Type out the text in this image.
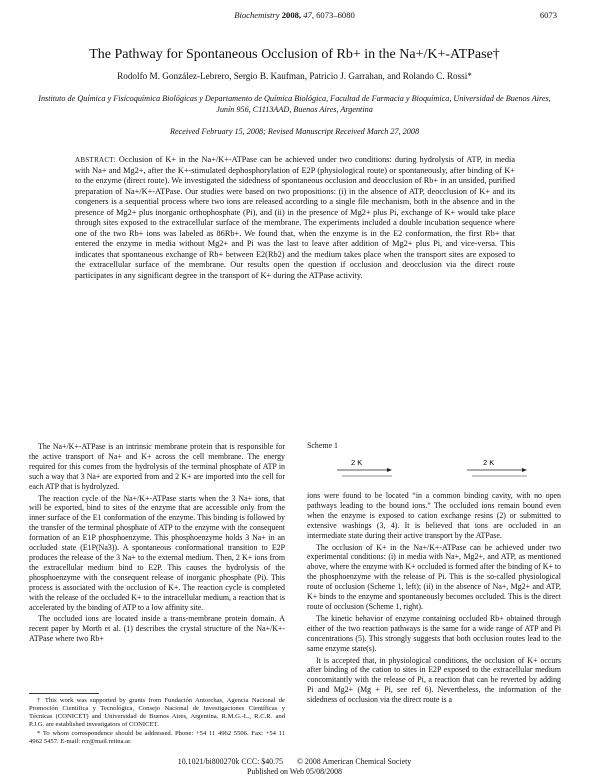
Biochemistry 2008, 47, 6073–6080	6073
The Pathway for Spontaneous Occlusion of Rb+ in the Na+/K+-ATPase†
Rodolfo M. González-Lebrero, Sergio B. Kaufman, Patricio J. Garrahan, and Rolando C. Rossi*
Instituto de Química y Fisicoquímica Biológicas y Departamento de Química Biológica, Facultad de Farmacia y Bioquímica, Universidad de Buenos Aires, Junín 956, C1113AAD, Buenos Aires, Argentina
Received February 15, 2008; Revised Manuscript Received March 27, 2008
ABSTRACT: Occlusion of K+ in the Na+/K+-ATPase can be achieved under two conditions: during hydrolysis of ATP, in media with Na+ and Mg2+, after the K+-stimulated dephosphorylation of E2P (physiological route) or spontaneously, after binding of K+ to the enzyme (direct route). We investigated the sidedness of spontaneous occlusion and deocclusion of Rb+ in an unsided, purified preparation of Na+/K+-ATPase. Our studies were based on two propositions: (i) in the absence of ATP, deocclusion of K+ and its congeners is a sequential process where two ions are released according to a single file mechanism, both in the absence and in the presence of Mg2+ plus inorganic orthophosphate (Pi), and (ii) in the presence of Mg2+ plus Pi, exchange of K+ would take place through sites exposed to the extracellular surface of the membrane. The experiments included a double incubation sequence where one of the two Rb+ ions was labeled as 86Rb+. We found that, when the enzyme is in the E2 conformation, the first Rb+ that entered the enzyme in media without Mg2+ and Pi was the last to leave after addition of Mg2+ plus Pi, and vice-versa. This indicates that spontaneous exchange of Rb+ between E2(Rb2) and the medium takes place when the transport sites are exposed to the extracellular surface of the membrane. Our results open the question if occlusion and deocclusion via the direct route participates in any significant degree in the transport of K+ during the ATPase activity.

The Na+/K+-ATPase is an intrinsic membrane protein that is responsible for the active transport of Na+ and K+ across the cell membrane. The energy required for this comes from the hydrolysis of the terminal phosphate of ATP in such a way that 3 Na+ are exported from and 2 K+ are imported into the cell for each ATP that is hydrolyzed.

The reaction cycle of the Na+/K+-ATPase starts when the 3 Na+ ions, that will be exported, bind to sites of the enzyme that are accessible only from the inner surface of the E1 conformation of the enzyme. This binding is followed by the transfer of the terminal phosphate of ATP to the enzyme with the consequent formation of an E1P phosphoenzyme. This phosphoenzyme holds 3 Na+ in an occluded state (E1P(Na3)). A spontaneous conformational transition to E2P produces the release of the 3 Na+ to the external medium. Then, 2 K+ ions from the extracellular medium bind to E2P. This causes the hydrolysis of the phosphoenzyme with the consequent release of inorganic phosphate (Pi). This process is associated with the occlusion of K+. The reaction cycle is completed with the release of the occluded K+ to the intracellular medium, a reaction that is accelerated by the binding of ATP to a low affinity site.

The occluded ions are located inside a trans-membrane protein domain. A recent paper by Morth et al. (1) describes the crystal structure of the Na+/K+-ATPase where two Rb+

† This work was supported by grants from Fundación Antorchas, Agencia Nacional de Promoción Científica y Tecnológica, Consejo Nacional de Investigaciones Científicas y Técnicas (CONICET) and Universidad de Buenos Aires, Argentina. R.M.G.-L., R.C.R. and P.J.G. are established investigators of CONICET.

* To whom correspondence should be addressed. Phone: +54 11 4962 5506. Fax: +54 11 4962 5457. E-mail: rcr@mail.retina.ar.

Scheme 1
2 K	2 K

ions were found to be located “in a common binding cavity, with no open pathways leading to the bound ions.” The occluded ions remain bound even when the enzyme is exposed to cation exchange resins (2) or submitted to extensive washings (3, 4). It is believed that ions are occluded in an intermediate state during their active transport by the ATPase.

The occlusion of K+ in the Na+/K+-ATPase can be achieved under two experimental conditions: (i) in media with Na+, Mg2+, and ATP, as mentioned above, where the enzyme with K+ occluded is formed after the binding of K+ to the phosphoenzyme with the release of Pi. This is the so-called physiological route of occlusion (Scheme 1, left); (ii) in the absence of Na+, Mg2+ and ATP, K+ binds to the enzyme and spontaneously becomes occluded. This is the direct route of occlusion (Scheme 1, right).

The kinetic behavior of enzyme containing occluded Rb+ obtained through either of the two reaction pathways is the same for a wide range of ATP and Pi concentrations (5). This strongly suggests that both occlusion routes lead to the same enzyme state(s).

It is accepted that, in physiological conditions, the occlusion of K+ occurs after binding of the cation to sites in E2P exposed to the extracellular medium concomitantly with the release of Pi, a reaction that can be reverted by adding Pi and Mg2+ (Mg + Pi, see ref 6). Nevertheless, the information of the sidedness of occlusion via the direct route is a

10.1021/bi800270k CCC: $40.75 © 2008 American Chemical Society
Published on Web 05/08/2008
